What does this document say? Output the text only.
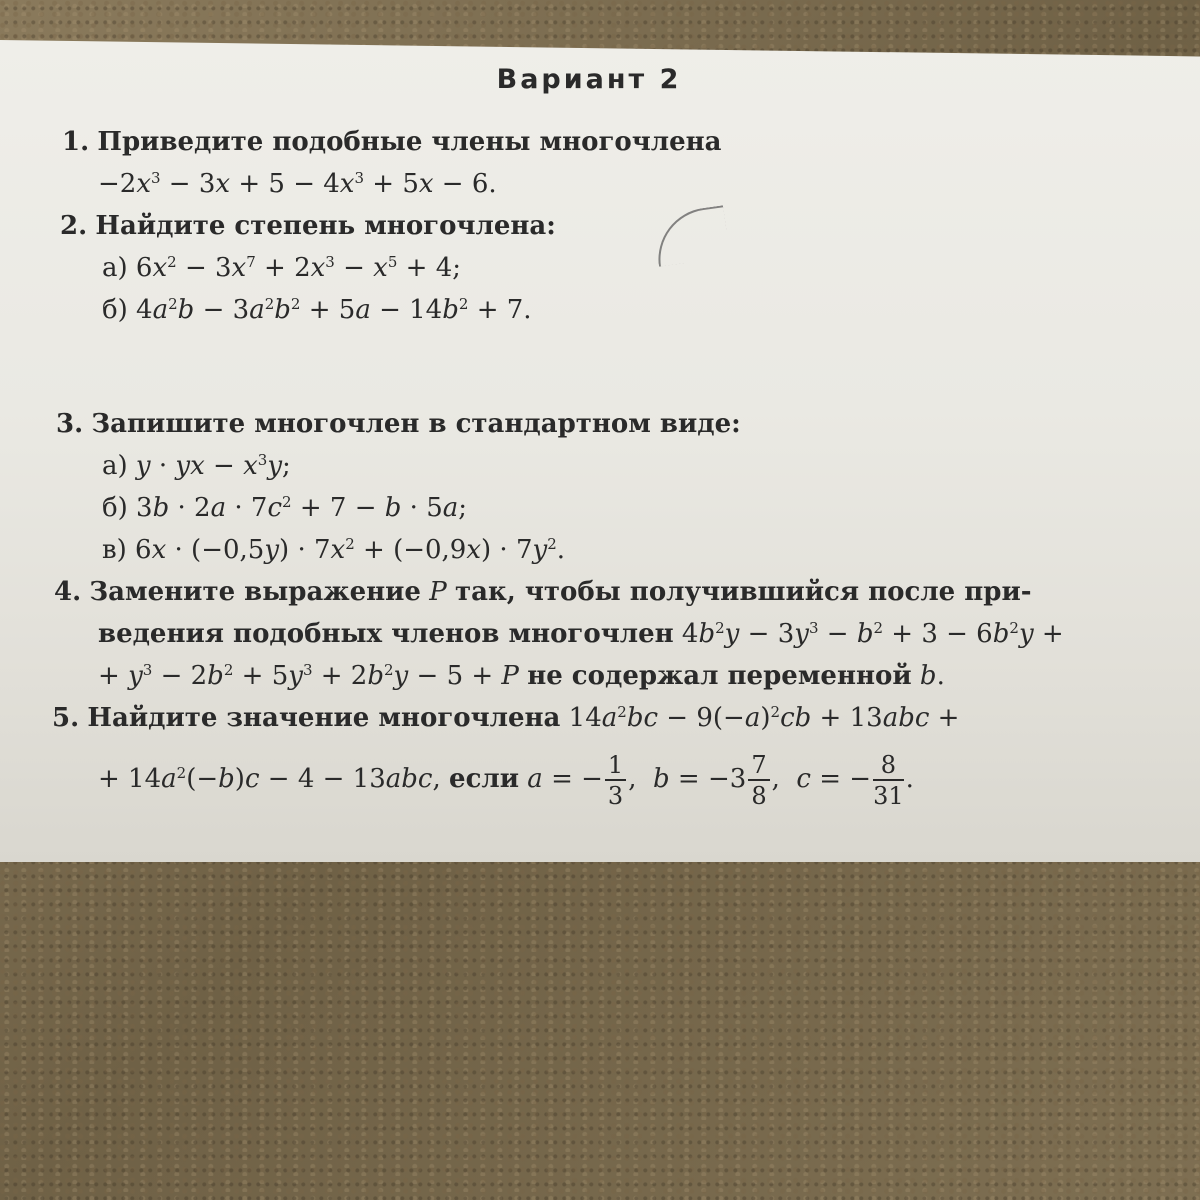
Вариант 2
1. Приведите подобные члены многочлена
$-2x^3 - 3x + 5 - 4x^3 + 5x - 6$.
2. Найдите степень многочлена:
а) $6x^2 - 3x^7 + 2x^3 - x^5 + 4$;
б) $4a^2b - 3a^2b^2 + 5a - 14b^2 + 7$.
3. Запишите многочлен в стандартном виде:
а) y · yx − $x^3y$;
б) $3b \cdot 2a \cdot 7c^2 + 7 - b \cdot 5a$;
в) $6x \cdot (-0,5y) \cdot 7x^2 + (-0,9x) \cdot 7y^2$.
4. Замените выражение P так, чтобы получившийся после при-
ведения подобных членов многочлен $4b^2y - 3y^3 - b^2 + 3 - 6b^2y$ +
+ $y^3 - 2b^2 + 5y^3 + 2b^2y - 5 + P$ не содержал переменной b.
5. Найдите значение многочлена $14a^2bc - 9(-a)^2cb + 13abc$ +
+ $14a^2(-b)c - 4 - 13abc$, если a = − $\frac{1}{3}$ ,  $b = -3 \frac{7}{8}$ ,  c = − $\frac{8}{31}$ .
